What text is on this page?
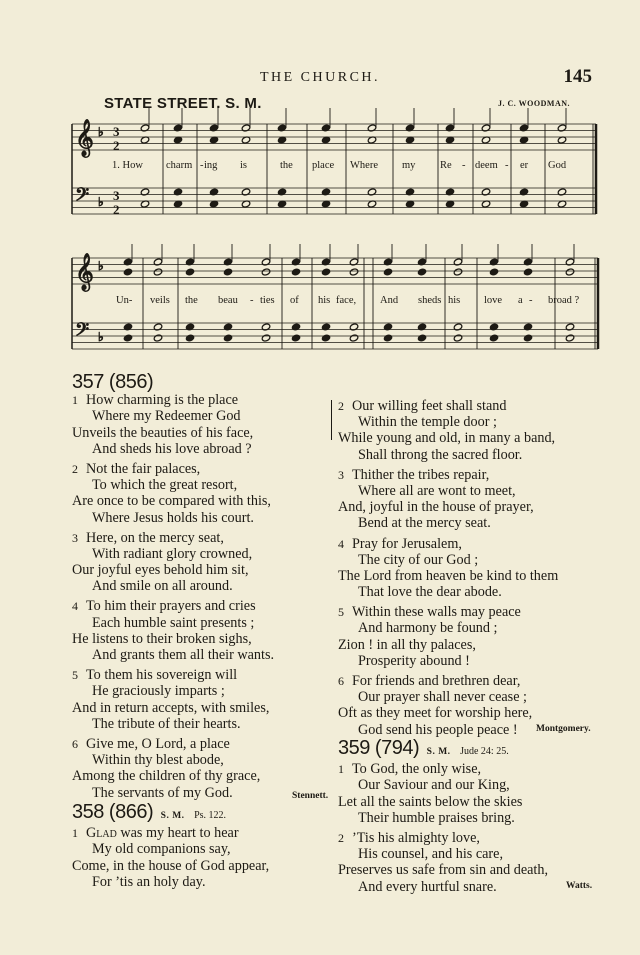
THE CHURCH.	145
STATE STREET. S. M.	J. C. WOODMAN.
𝄞 ♭
𝄢 ♭
𝄞 ♭
𝄢 ♭
3
2
3
2
1. How charm - ing is	the place Where my Re - deem - er God
Un- veils the beau - ties of his face, And sheds his love a - broad ?
357 (856)
1 How charming is the place
Where my Redeemer God
Unveils the beauties of his face,
And sheds his love abroad ?
2 Not the fair palaces,
To which the great resort,
Are once to be compared with this,
Where Jesus holds his court.
3 Here, on the mercy seat,
With radiant glory crowned,
Our joyful eyes behold him sit,
And smile on all around.
4 To him their prayers and cries
Each humble saint presents ;
He listens to their broken sighs,
And grants them all their wants.
5 To them his sovereign will
He graciously imparts ;
And in return accepts, with smiles,
The tribute of their hearts.
6 Give me, O Lord, a place
Within thy blest abode,
Among the children of thy grace,
The servants of my God.	Stennett.
358 (866) S. M. Ps. 122.
1 Glad was my heart to hear
My old companions say,
Come, in the house of God appear,
For ’tis an holy day.
2 Our willing feet shall stand
Within the temple door ;
While young and old, in many a band,
Shall throng the sacred floor.
3 Thither the tribes repair,
Where all are wont to meet,
And, joyful in the house of prayer,
Bend at the mercy seat.
4 Pray for Jerusalem,
The city of our God ;
The Lord from heaven be kind to them
That love the dear abode.
5 Within these walls may peace
And harmony be found ;
Zion ! in all thy palaces,
Prosperity abound !
6 For friends and brethren dear,
Our prayer shall never cease ;
Oft as they meet for worship here,
God send his people peace !	Montgomery.
359 (794) S. M. Jude 24: 25.
1 To God, the only wise,
Our Saviour and our King,
Let all the saints below the skies
Their humble praises bring.
2 ’Tis his almighty love,
His counsel, and his care,
Preserves us safe from sin and death,
And every hurtful snare.	Watts.
